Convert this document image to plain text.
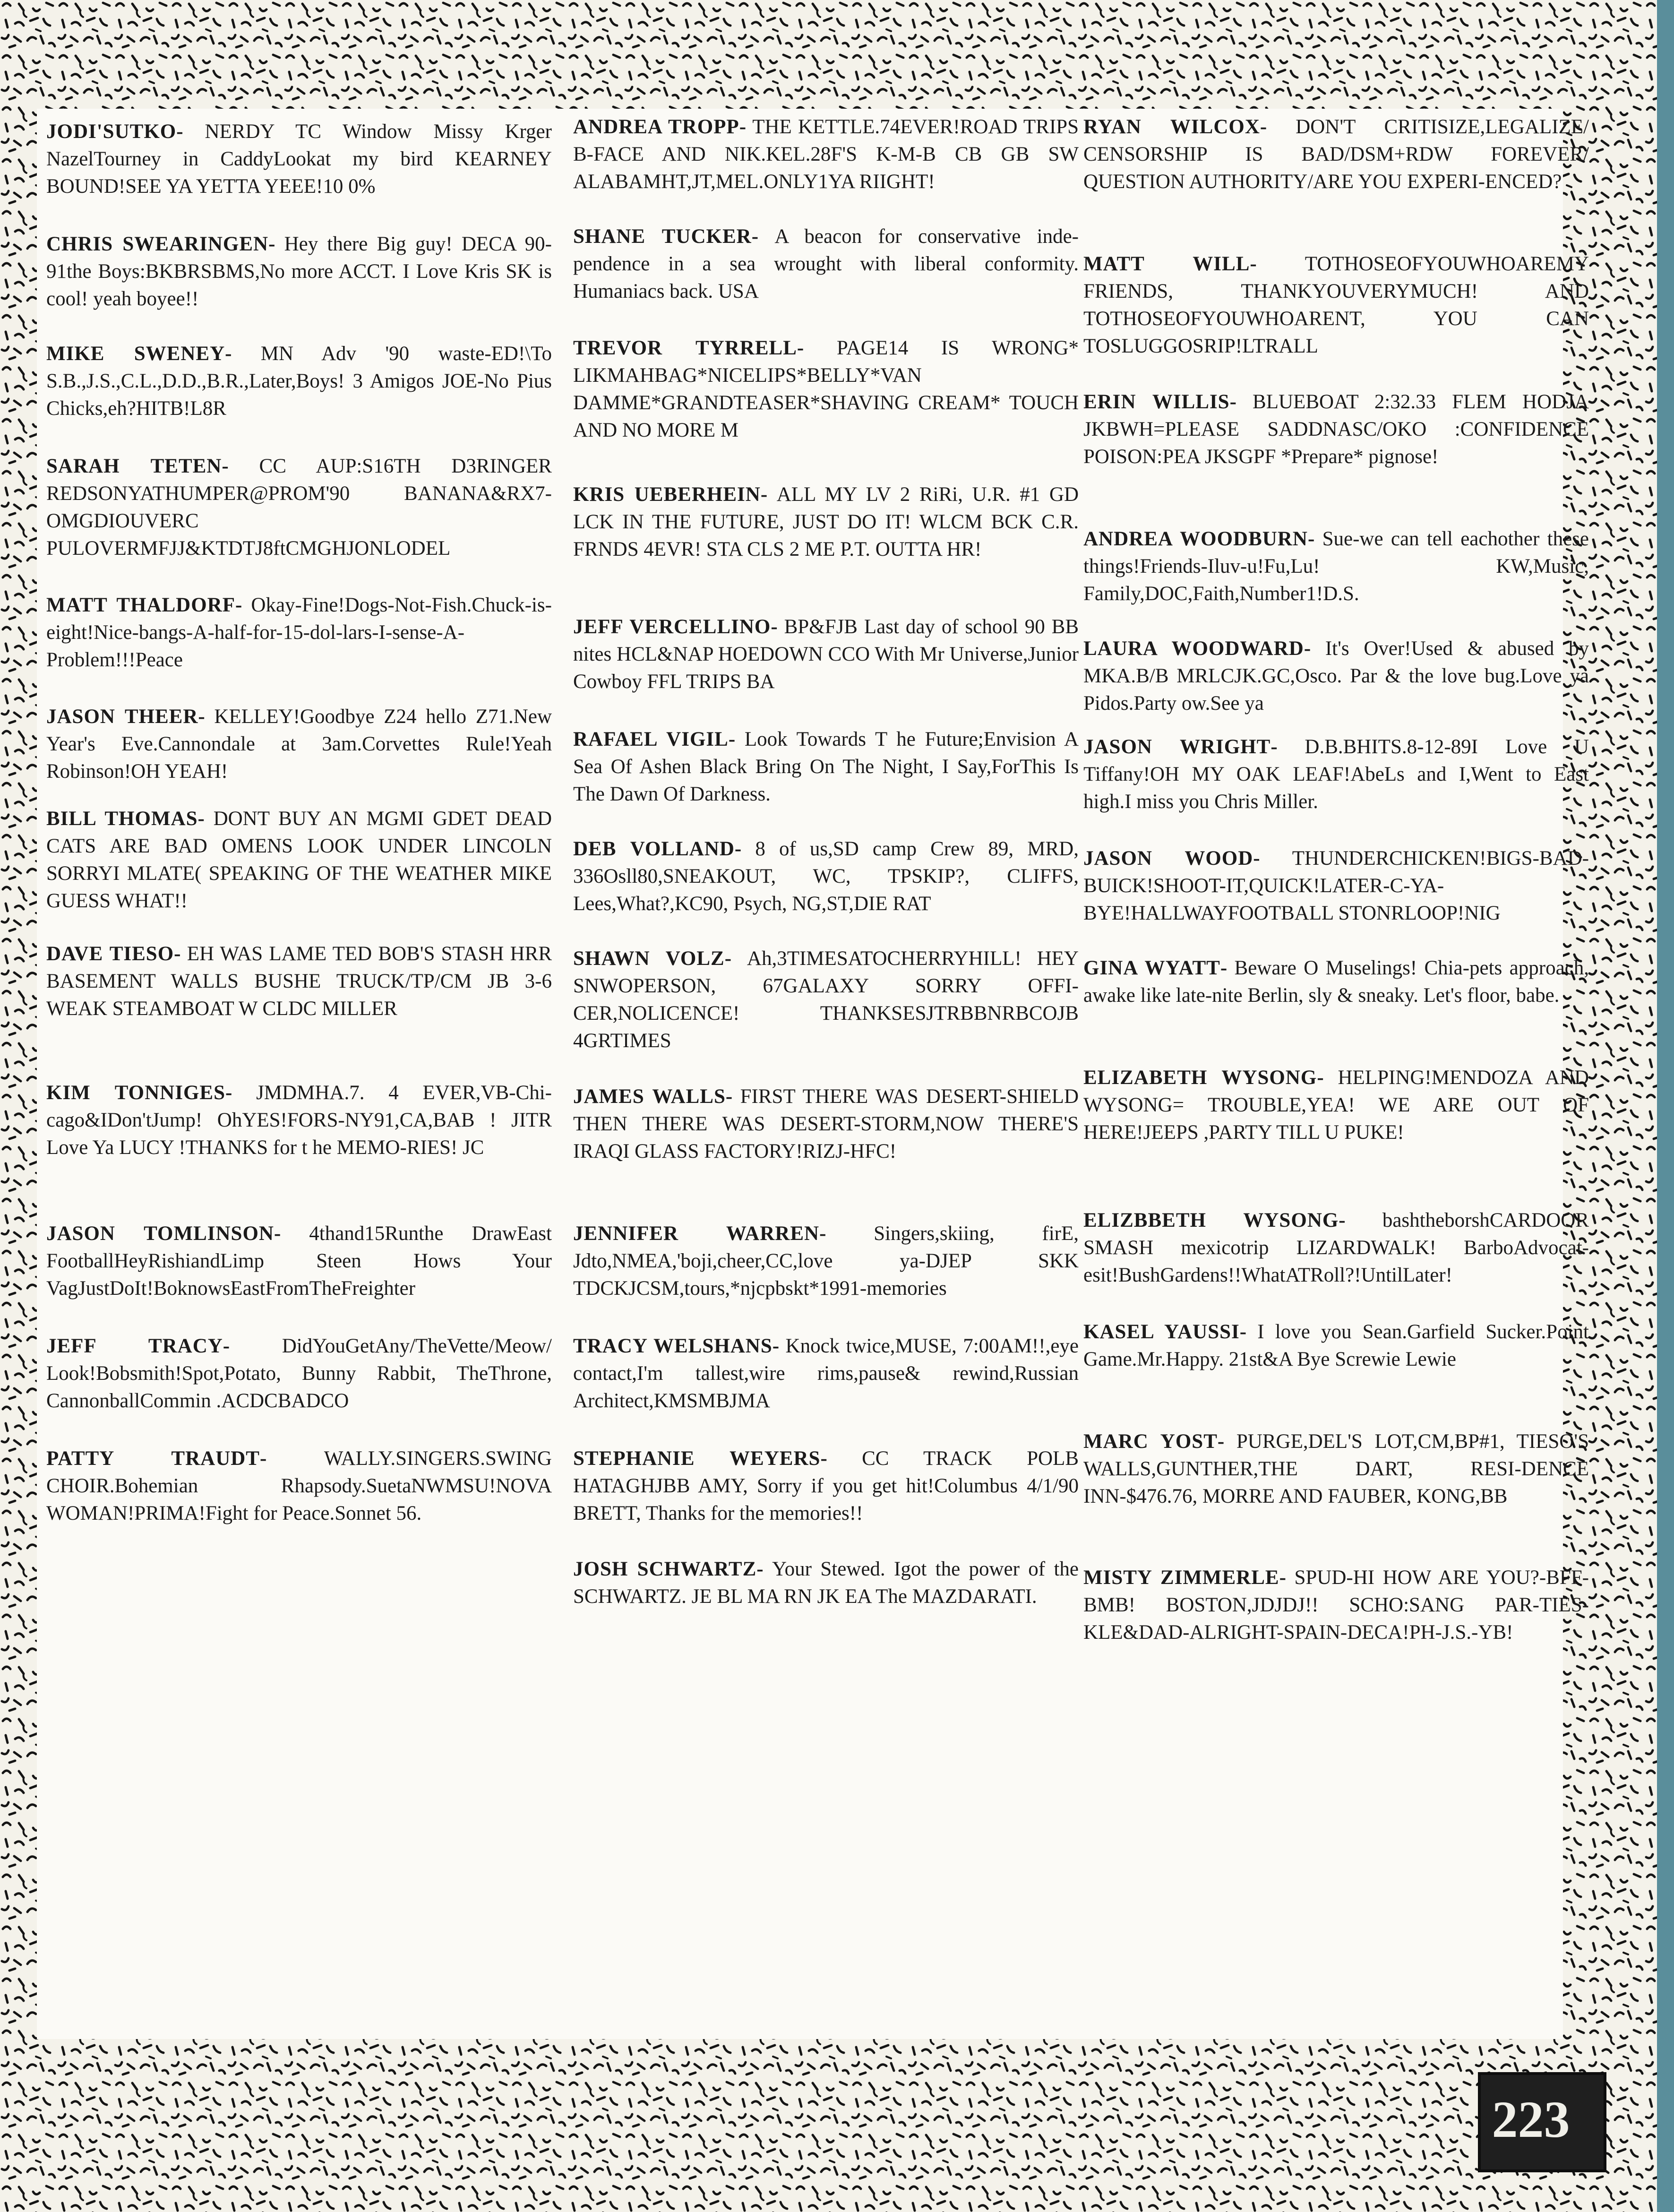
JODI'SUTKO- NERDY TC Window Missy Krger NazelTourney in CaddyLookat my bird KEARNEY BOUND!SEE YA YETTA YEEE!10 0%
CHRIS SWEARINGEN- Hey there Big guy! DECA 90-91the Boys:BKBRSBMS,No more ACCT. I Love Kris SK is cool! yeah boyee!!
MIKE SWENEY- MN Adv '90 waste-ED!\To S.B.,J.S.,C.L.,D.D.,B.R.,Later,Boys! 3 Amigos JOE-No Pius Chicks,eh?HITB!L8R
SARAH TETEN- CC AUP:S16TH D3RINGER REDSONYATHUMPER@PROM'90 BANANA&RX7-OMGDIOUVERC PULOVERMFJJ&KTDTJ8ftCMGHJONLODEL
MATT THALDORF- Okay-Fine!Dogs-Not-Fish.Chuck-is-eight!Nice-bangs-A-half-for-15-dol-lars-I-sense-A-Problem!!!Peace
JASON THEER- KELLEY!Goodbye Z24 hello Z71.New Year's Eve.Cannondale at 3am.Corvettes Rule!Yeah Robinson!OH YEAH!
BILL THOMAS- DONT BUY AN MGMI GDET DEAD CATS ARE BAD OMENS LOOK UNDER LINCOLN SORRYI MLATE( SPEAKING OF THE WEATHER MIKE GUESS WHAT!!
DAVE TIESO- EH WAS LAME TED BOB'S STASH HRR BASEMENT WALLS BUSHE TRUCK/TP/CM JB 3-6 WEAK STEAMBOAT W CLDC MILLER
KIM TONNIGES- JMDMHA.7. 4 EVER,VB-Chi-cago&IDon'tJump! OhYES!FORS-NY91,CA,BAB ! JITR Love Ya LUCY !THANKS for t he MEMO-RIES! JC
JASON TOMLINSON- 4thand15Runthe DrawEast FootballHeyRishiandLimp Steen Hows Your VagJustDoIt!BoknowsEastFromTheFreighter
JEFF TRACY- DidYouGetAny/TheVette/Meow/ Look!Bobsmith!Spot,Potato, Bunny Rabbit, TheThrone, CannonballCommin .ACDCBADCO
PATTY TRAUDT- WALLY.SINGERS.SWING CHOIR.Bohemian Rhapsody.SuetaNWMSU!NOVA WOMAN!PRIMA!Fight for Peace.Sonnet 56.
ANDREA TROPP- THE KETTLE.74EVER!ROAD TRIPS B-FACE AND NIK.KEL.28F'S K-M-B CB GB SW ALABAMHT,JT,MEL.ONLY1YA RIIGHT!
SHANE TUCKER- A beacon for conservative inde-pendence in a sea wrought with liberal conformity. Humaniacs back. USA
TREVOR TYRRELL- PAGE14 IS WRONG* LIKMAHBAG*NICELIPS*BELLY*VAN DAMME*GRANDTEASER*SHAVING CREAM* TOUCH AND NO MORE M
KRIS UEBERHEIN- ALL MY LV 2 RiRi, U.R. #1 GD LCK IN THE FUTURE, JUST DO IT! WLCM BCK C.R. FRNDS 4EVR! STA CLS 2 ME P.T. OUTTA HR!
JEFF VERCELLINO- BP&FJB Last day of school 90 BB nites HCL&NAP HOEDOWN CCO With Mr Universe,Junior Cowboy FFL TRIPS BA
RAFAEL VIGIL- Look Towards T he Future;Envision A Sea Of Ashen Black Bring On The Night, I Say,ForThis Is The Dawn Of Darkness.
DEB VOLLAND- 8 of us,SD camp Crew 89, MRD, 336Osll80,SNEAKOUT, WC, TPSKIP?, CLIFFS, Lees,What?,KC90, Psych, NG,ST,DIE RAT
SHAWN VOLZ- Ah,3TIMESATOCHERRYHILL! HEY SNWOPERSON, 67GALAXY SORRY OFFI-CER,NOLICENCE! THANKSESJTRBBNRBCOJB 4GRTIMES
JAMES WALLS- FIRST THERE WAS DESERT-SHIELD THEN THERE WAS DESERT-STORM,NOW THERE'S IRAQI GLASS FACTORY!RIZJ-HFC!
JENNIFER WARREN- Singers,skiing, firE, Jdto,NMEA,'boji,cheer,CC,love ya-DJEP SKK TDCKJCSM,tours,*njcpbskt*1991-memories
TRACY WELSHANS- Knock twice,MUSE, 7:00AM!!,eye contact,I'm tallest,wire rims,pause& rewind,Russian Architect,KMSMBJMA
STEPHANIE WEYERS- CC TRACK POLB HATAGHJBB AMY, Sorry if you get hit!Columbus 4/1/90 BRETT, Thanks for the memories!!
JOSH SCHWARTZ- Your Stewed. Igot the power of the SCHWARTZ. JE BL MA RN JK EA The MAZDARATI.
RYAN WILCOX- DON'T CRITISIZE,LEGALIZE/ CENSORSHIP IS BAD/DSM+RDW FOREVER/ QUESTION AUTHORITY/ARE YOU EXPERI-ENCED?
MATT WILL- TOTHOSEOFYOUWHOAREMY FRIENDS, THANKYOUVERYMUCH! AND TOTHOSEOFYOUWHOARENT, YOU CAN TOSLUGGOSRIP!LTRALL
ERIN WILLIS- BLUEBOAT 2:32.33 FLEM HODJA JKBWH=PLEASE SADDNASC/OKO :CONFIDENCE POISON:PEA JKSGPF *Prepare* pignose!
ANDREA WOODBURN- Sue-we can tell eachother these things!Friends-Iluv-u!Fu,Lu! KW,Music, Family,DOC,Faith,Number1!D.S.
LAURA WOODWARD- It's Over!Used & abused by MKA.B/B MRLCJK.GC,Osco. Par & the love bug.Love ya Pidos.Party ow.See ya
JASON WRIGHT- D.B.BHITS.8-12-89I Love U Tiffany!OH MY OAK LEAF!AbeLs and I,Went to East high.I miss you Chris Miller.
JASON WOOD- THUNDERCHICKEN!BIGS-BAD-BUICK!SHOOT-IT,QUICK!LATER-C-YA-BYE!HALLWAYFOOTBALL STONRLOOP!NIG
GINA WYATT- Beware O Muselings! Chia-pets approach, awake like late-nite Berlin, sly & sneaky. Let's floor, babe.
ELIZABETH WYSONG- HELPING!MENDOZA AND WYSONG= TROUBLE,YEA! WE ARE OUT OF HERE!JEEPS ,PARTY TILL U PUKE!
ELIZBBETH WYSONG- bashtheborshCARDOOR SMASH mexicotrip LIZARDWALK! BarboAdvocat-esit!BushGardens!!WhatATRoll?!UntilLater!
KASEL YAUSSI- I love you Sean.Garfield Sucker.Point Game.Mr.Happy. 21st&A Bye Screwie Lewie
MARC YOST- PURGE,DEL'S LOT,CM,BP#1, TIESO'S WALLS,GUNTHER,THE DART, RESI-DENCE INN-$476.76, MORRE AND FAUBER, KONG,BB
MISTY ZIMMERLE- SPUD-HI HOW ARE YOU?-BFF-BMB! BOSTON,JDJDJ!! SCHO:SANG PAR-TIES-KLE&DAD-ALRIGHT-SPAIN-DECA!PH-J.S.-YB!
223
